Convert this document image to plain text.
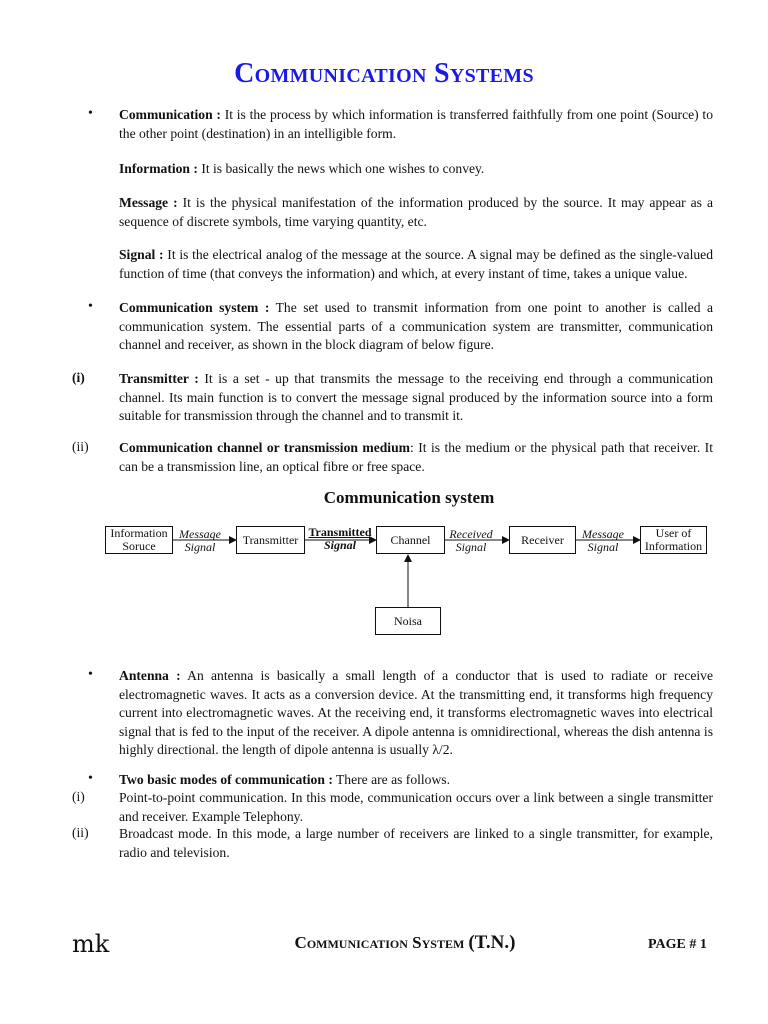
Communication Systems
• Communication : It is the process by which information is transferred faithfully from one point (Source) to the other point (destination) in an intelligible form.
Information : It is basically the news which one wishes to convey.
Message : It is the physical manifestation of the information produced by the source. It may appear as a sequence of discrete symbols, time varying quantity, etc.
Signal : It is the electrical analog of the message at the source. A signal may be defined as the single-valued function of time (that conveys the information) and which, at every instant of time, takes a unique value.
• Communication system : The set used to transmit information from one point to another is called a communication system. The essential parts of a communication system are transmitter, communication channel and receiver, as shown in the block diagram of below figure.
(i)	Transmitter : It is a set - up that transmits the message to the receiving end through a communication channel. Its main function is to convert the message signal produced by the information source into a form suitable for transmission through the channel and to transmit it.
(ii) Communication channel or transmission medium: It is the medium or the physical path that receiver. It can be a transmission line, an optical fibre or free space.
Communication system
Information
Soruce
Message
Signal
Transmitter
Transmitted
Signal	Channel	Received
Signal
Receiver	Message
Signal
User of
Information
Noisa
• Antenna : An antenna is basically a small length of a conductor that is used to radiate or receive electromagnetic waves. It acts as a conversion device. At the transmitting end, it transforms high frequency current into electromagnetic waves. At the receiving end, it transforms electromagnetic waves into electrical signal that is fed to the input of the receiver. A dipole antenna is omnidirectional, whereas the dish antenna is highly directional. the length of dipole antenna is usually λ/2.
• Two basic modes of communication : There are as follows.
(i)	Point-to-point communication. In this mode, communication occurs over a link between a single transmitter and receiver. Example Telephony.
(ii) Broadcast mode. In this mode, a large number of receivers are linked to a single transmitter, for example, radio and television.
mk	Communication System (T.N.)	PAGE # 1
